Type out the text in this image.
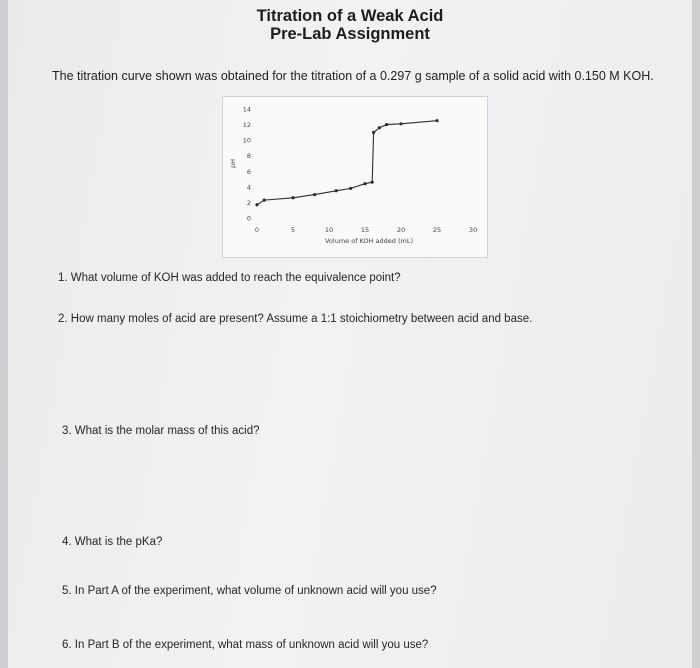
Titration of a Weak Acid
Pre-Lab Assignment
The titration curve shown was obtained for the titration of a 0.297 g sample of a solid acid with 0.150 M KOH.
14
12
10
8
6
4
2
0
0	5	10	15	20	25	30
Volume of KOH added (mL)
pH
1. What volume of KOH was added to reach the equivalence point?
2. How many moles of acid are present? Assume a 1:1 stoichiometry between acid and base.
3. What is the molar mass of this acid?
4. What is the pKa?
5. In Part A of the experiment, what volume of unknown acid will you use?
6. In Part B of the experiment, what mass of unknown acid will you use?
